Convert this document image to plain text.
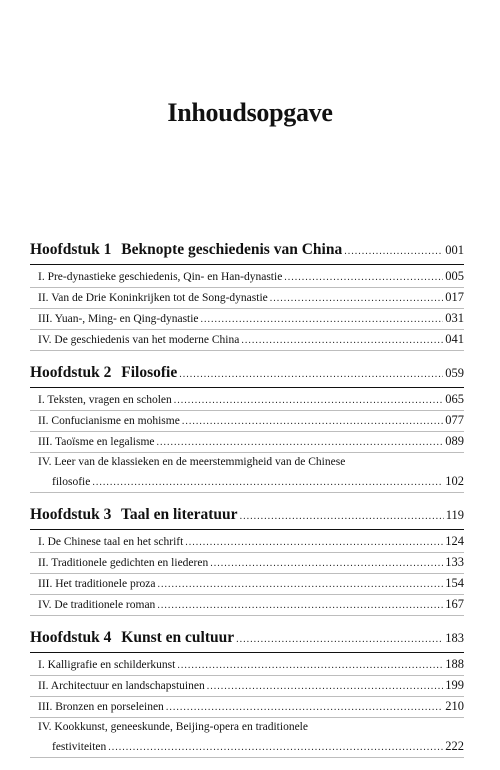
Inhoudsopgave
Hoofdstuk 1 Beknopte geschiedenis van China .....	001
I. Pre-dynastieke geschiedenis, Qin- en Han-dynastie .....	005
II. Van de Drie Koninkrijken tot de Song-dynastie .....	017
III. Yuan-, Ming- en Qing-dynastie .....	031
IV. De geschiedenis van het moderne China .....	041
Hoofdstuk 2 Filosofie .....	059
I. Teksten, vragen en scholen .....	065
II. Confucianisme en mohisme .....	077
III. Taoïsme en legalisme .....	089
IV. Leer van de klassieken en de meerstemmigheid van de Chinese
filosofie .....	102
Hoofdstuk 3 Taal en literatuur .....	119
I. De Chinese taal en het schrift .....	124
II. Traditionele gedichten en liederen .....	133
III. Het traditionele proza .....	154
IV. De traditionele roman .....	167
Hoofdstuk 4 Kunst en cultuur .....	183
I. Kalligrafie en schilderkunst .....	188
II. Architectuur en landschapstuinen .....	199
III. Bronzen en porseleinen .....	210
IV. Kookkunst, geneeskunde, Beijing-opera en traditionele
festiviteiten .....	222
